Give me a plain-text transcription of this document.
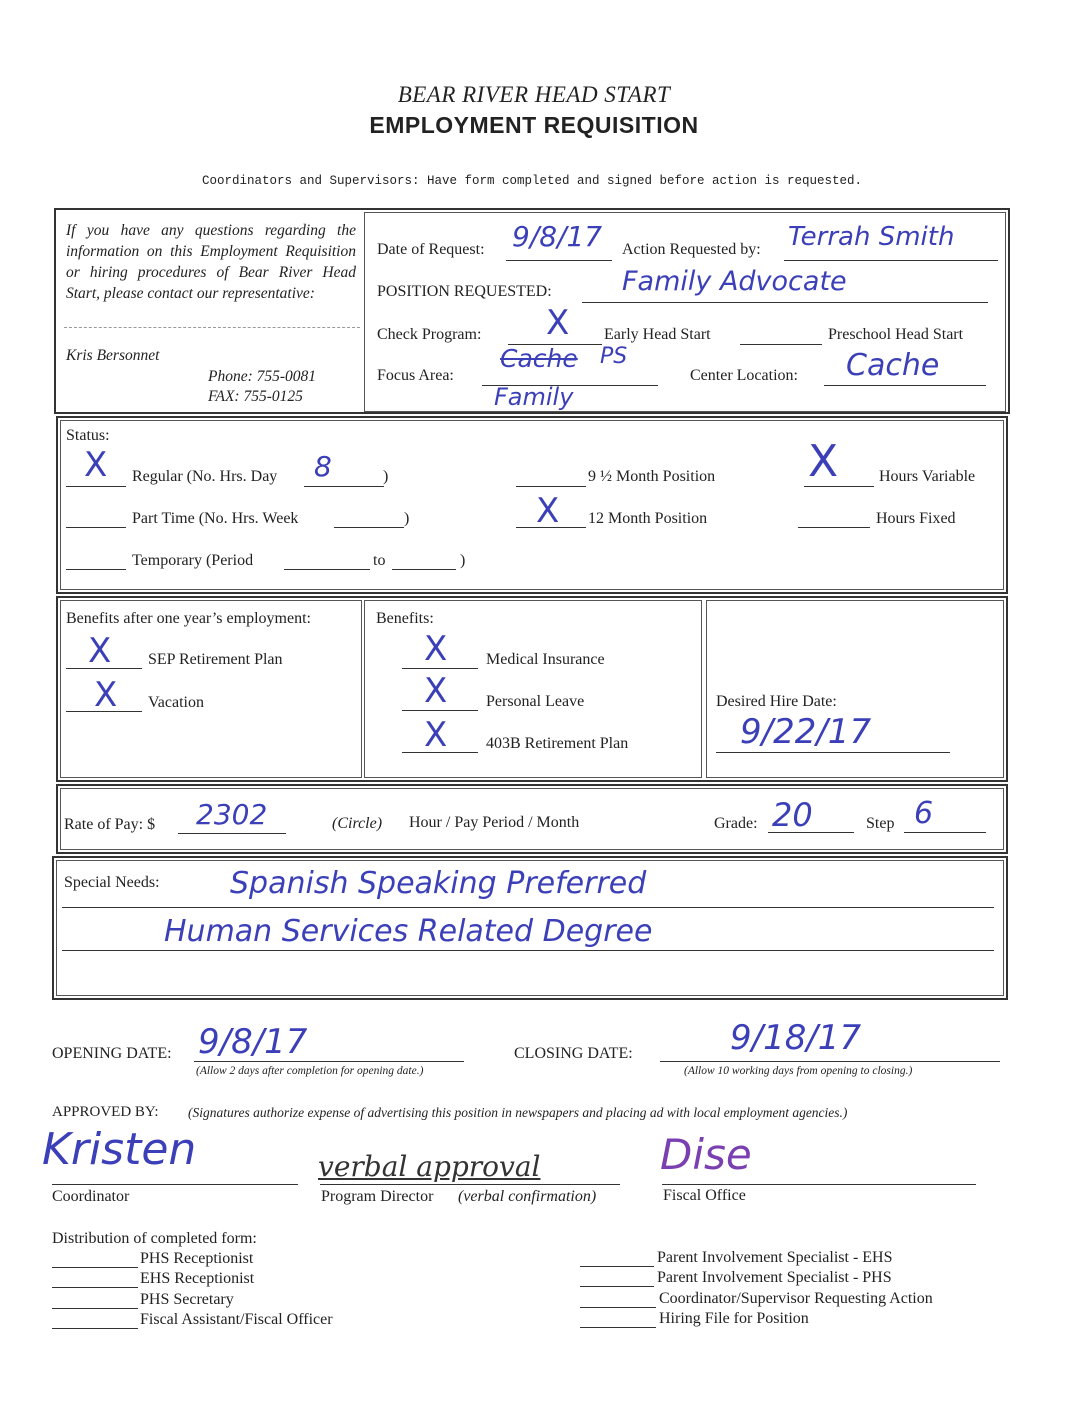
BEAR RIVER HEAD START
EMPLOYMENT REQUISITION
Coordinators and Supervisors: Have form completed and signed before action is requested.
If you have any questions regarding the information on this Employment Requisition or hiring procedures of Bear River Head Start, please contact our representative:
Kris Bersonnet
Phone: 755-0081
FAX: 755-0125
Date of Request: 9/8/17 Action Requested by: Terrah Smith
POSITION REQUESTED:	Family Advocate
Check Program: X Early Head Start	Preschool Head Start
Focus Area:
Cache PS
Family
Center Location: Cache
Status:
X Regular (No. Hrs. Day 8	)	9 ½ Month Position X	Hours Variable
Part Time (No. Hrs. Week	)	X 12 Month Position	Hours Fixed
Temporary (Period	to	)
Benefits after one year’s employment:
X SEP Retirement Plan
X Vacation
Benefits:
X Medical Insurance
X Personal Leave
X 403B Retirement Plan
Desired Hire Date:
9/22/17
Rate of Pay: $ 2302	(Circle) Hour / Pay Period / Month	Grade: 20	Step 6
Special Needs: Spanish Speaking Preferred
Human Services Related Degree
OPENING DATE: 9/8/17
(Allow 2 days after completion for opening date.)
CLOSING DATE:	9/18/17
(Allow 10 working days from opening to closing.)
APPROVED BY: (Signatures authorize expense of advertising this position in newspapers and placing ad with local employment agencies.)
Kristen
Coordinator
verbal approval
Program Director (verbal confirmation)
Dise
Fiscal Office
Distribution of completed form:
PHS Receptionist
EHS Receptionist
PHS Secretary
Fiscal Assistant/Fiscal Officer
Parent Involvement Specialist - EHS
Parent Involvement Specialist - PHS
Coordinator/Supervisor Requesting Action
Hiring File for Position
